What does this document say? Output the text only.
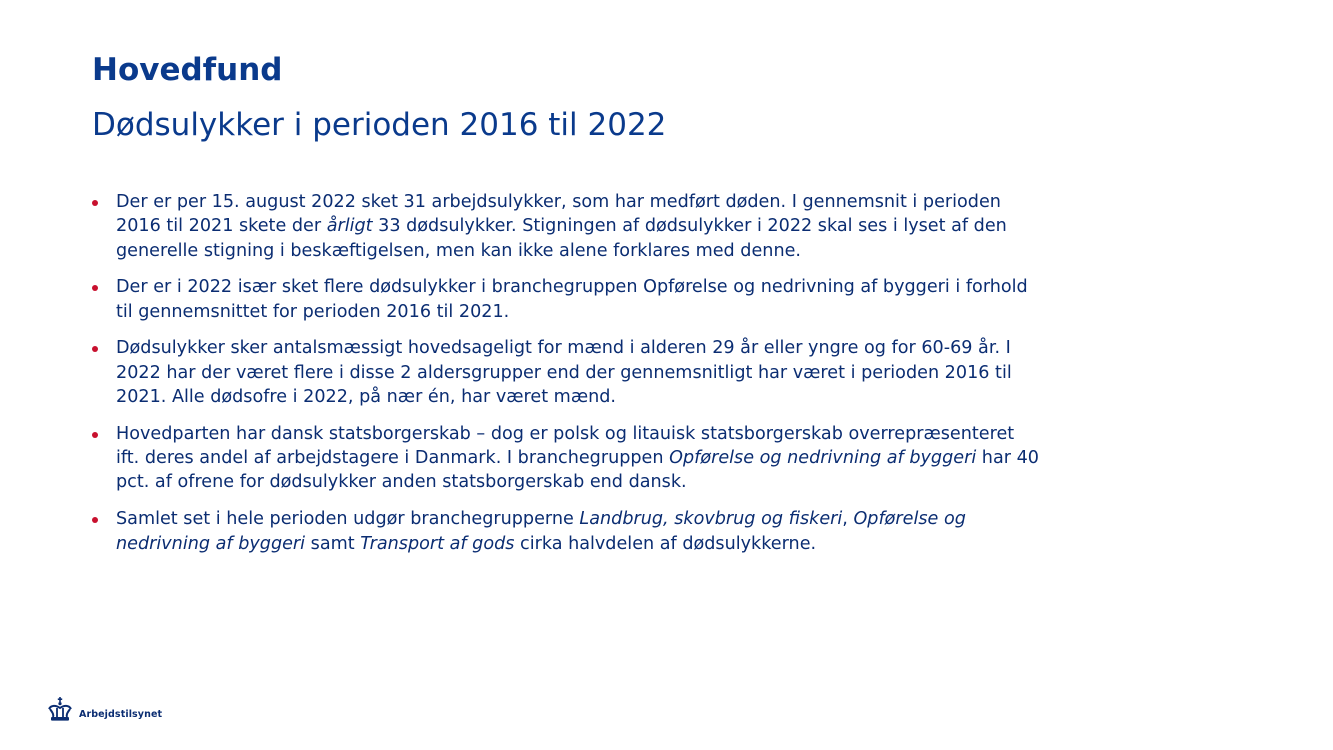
Hovedfund
Dødsulykker i perioden 2016 til 2022
Der er per 15. august 2022 sket 31 arbejdsulykker, som har medført døden. I gennemsnit i perioden 2016 til 2021 skete der årligt 33 dødsulykker. Stigningen af dødsulykker i 2022 skal ses i lyset af den generelle stigning i beskæftigelsen, men kan ikke alene forklares med denne.
Der er i 2022 især sket flere dødsulykker i branchegruppen Opførelse og nedrivning af byggeri i forhold til gennemsnittet for perioden 2016 til 2021.
Dødsulykker sker antalsmæssigt hovedsageligt for mænd i alderen 29 år eller yngre og for 60-69 år. I 2022 har der været flere i disse 2 aldersgrupper end der gennemsnitligt har været i perioden 2016 til 2021. Alle dødsofre i 2022, på nær én, har været mænd.
Hovedparten har dansk statsborgerskab – dog er polsk og litauisk statsborgerskab overrepræsenteret ift. deres andel af arbejdstagere i Danmark. I branchegruppen Opførelse og nedrivning af byggeri har 40 pct. af ofrene for dødsulykker anden statsborgerskab end dansk.
Samlet set i hele perioden udgør branchegrupperne Landbrug, skovbrug og fiskeri, Opførelse og nedrivning af byggeri samt Transport af gods cirka halvdelen af dødsulykkerne.
Arbejdstilsynet
